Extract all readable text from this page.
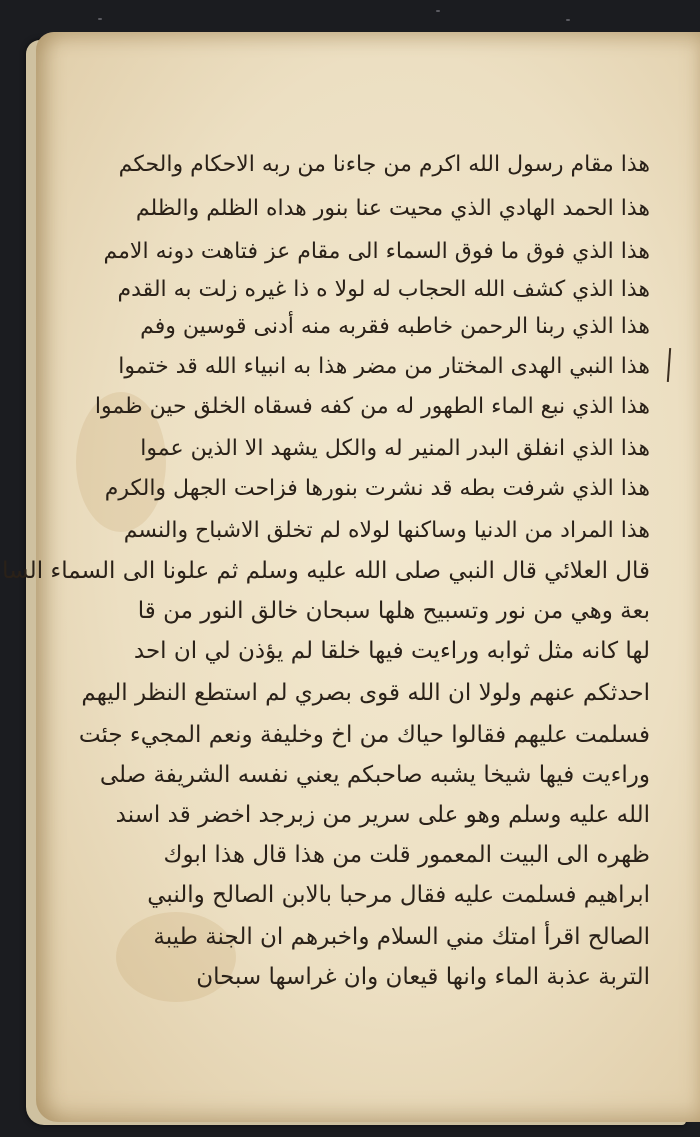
هذا مقام رسول الله اكرم من جاءنا من ربه الاحكام والحكم
هذا الحمد الهادي الذي محيت عنا بنور هداه الظلم والظلم
هذا الذي فوق ما فوق السماء الى مقام عز فتاهت دونه الامم
هذا الذي كشف الله الحجاب له لولا ه ذا غيره زلت به القدم
هذا الذي ربنا الرحمن خاطبه فقربه منه أدنى قوسين وفم
هذا النبي الهدى المختار من مضر هذا به انبياء الله قد ختموا
هذا الذي نبع الماء الطهور له من كفه فسقاه الخلق حين ظموا
هذا الذي انفلق البدر المنير له والكل يشهد الا الذين عموا
هذا الذي شرفت بطه قد نشرت بنورها فزاحت الجهل والكرم
هذا المراد من الدنيا وساكنها لولاه لم تخلق الاشباح والنسم
قال العلائي قال النبي صلى الله عليه وسلم ثم علونا الى السماء السا
بعة وهي من نور وتسبيح هلها سبحان خالق النور من قا
لها كانه مثل ثوابه وراءيت فيها خلقا لم يؤذن لي ان احد
احدثكم عنهم ولولا ان الله قوى بصري لم استطع النظر اليهم
فسلمت عليهم فقالوا حياك من اخ وخليفة ونعم المجيء جئت
وراءيت فيها شيخا يشبه صاحبكم يعني نفسه الشريفة صلى
الله عليه وسلم وهو على سرير من زبرجد اخضر قد اسند
ظهره الى البيت المعمور قلت من هذا قال هذا ابوك
ابراهيم فسلمت عليه فقال مرحبا بالابن الصالح والنبي
الصالح اقرأ امتك مني السلام واخبرهم ان الجنة طيبة
التربة عذبة الماء وانها قيعان وان غراسها سبحان
